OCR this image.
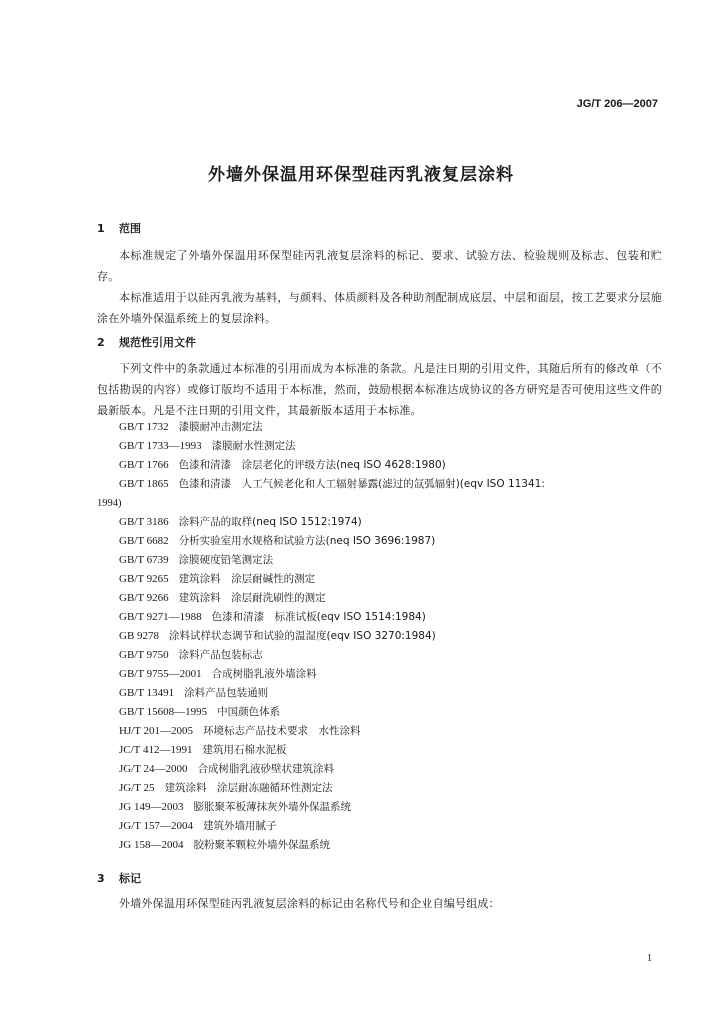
JG/T 206—2007
外墙外保温用环保型硅丙乳液复层涂料
1 范围
本标准规定了外墙外保温用环保型硅丙乳液复层涂料的标记、要求、试验方法、检验规则及标志、包装和贮存。
本标准适用于以硅丙乳液为基料，与颜料、体质颜料及各种助剂配制成底层、中层和面层，按工艺要求分层施涂在外墙外保温系统上的复层涂料。
2 规范性引用文件
下列文件中的条款通过本标准的引用而成为本标准的条款。凡是注日期的引用文件，其随后所有的修改单（不包括勘误的内容）或修订版均不适用于本标准，然而，鼓励根据本标准达成协议的各方研究是否可使用这些文件的最新版本。凡是不注日期的引用文件，其最新版本适用于本标准。
GB/T 1732 漆膜耐冲击测定法
GB/T 1733—1993 漆膜耐水性测定法
GB/T 1766 色漆和清漆　涂层老化的评级方法(neq ISO 4628:1980)
GB/T 1865 色漆和清漆　人工气候老化和人工辐射暴露(滤过的氙弧辐射)(eqv ISO 11341:
1994)
GB/T 3186 涂料产品的取样(neq ISO 1512:1974)
GB/T 6682 分析实验室用水规格和试验方法(neq ISO 3696:1987)
GB/T 6739 涂膜硬度铅笔测定法
GB/T 9265 建筑涂料　涂层耐碱性的测定
GB/T 9266 建筑涂料　涂层耐洗刷性的测定
GB/T 9271—1988 色漆和清漆　标准试板(eqv ISO 1514:1984)
GB 9278 涂料试样状态调节和试验的温湿度(eqv ISO 3270:1984)
GB/T 9750 涂料产品包装标志
GB/T 9755—2001 合成树脂乳液外墙涂料
GB/T 13491 涂料产品包装通则
GB/T 15608—1995 中国颜色体系
HJ/T 201—2005 环境标志产品技术要求　水性涂料
JC/T 412—1991 建筑用石棉水泥板
JG/T 24—2000 合成树脂乳液砂壁状建筑涂料
JG/T 25 建筑涂料　涂层耐冻融循环性测定法
JG 149—2003 膨胀聚苯板薄抹灰外墙外保温系统
JG/T 157—2004 建筑外墙用腻子
JG 158—2004 胶粉聚苯颗粒外墙外保温系统
3 标记
外墙外保温用环保型硅丙乳液复层涂料的标记由名称代号和企业自编号组成：
1
